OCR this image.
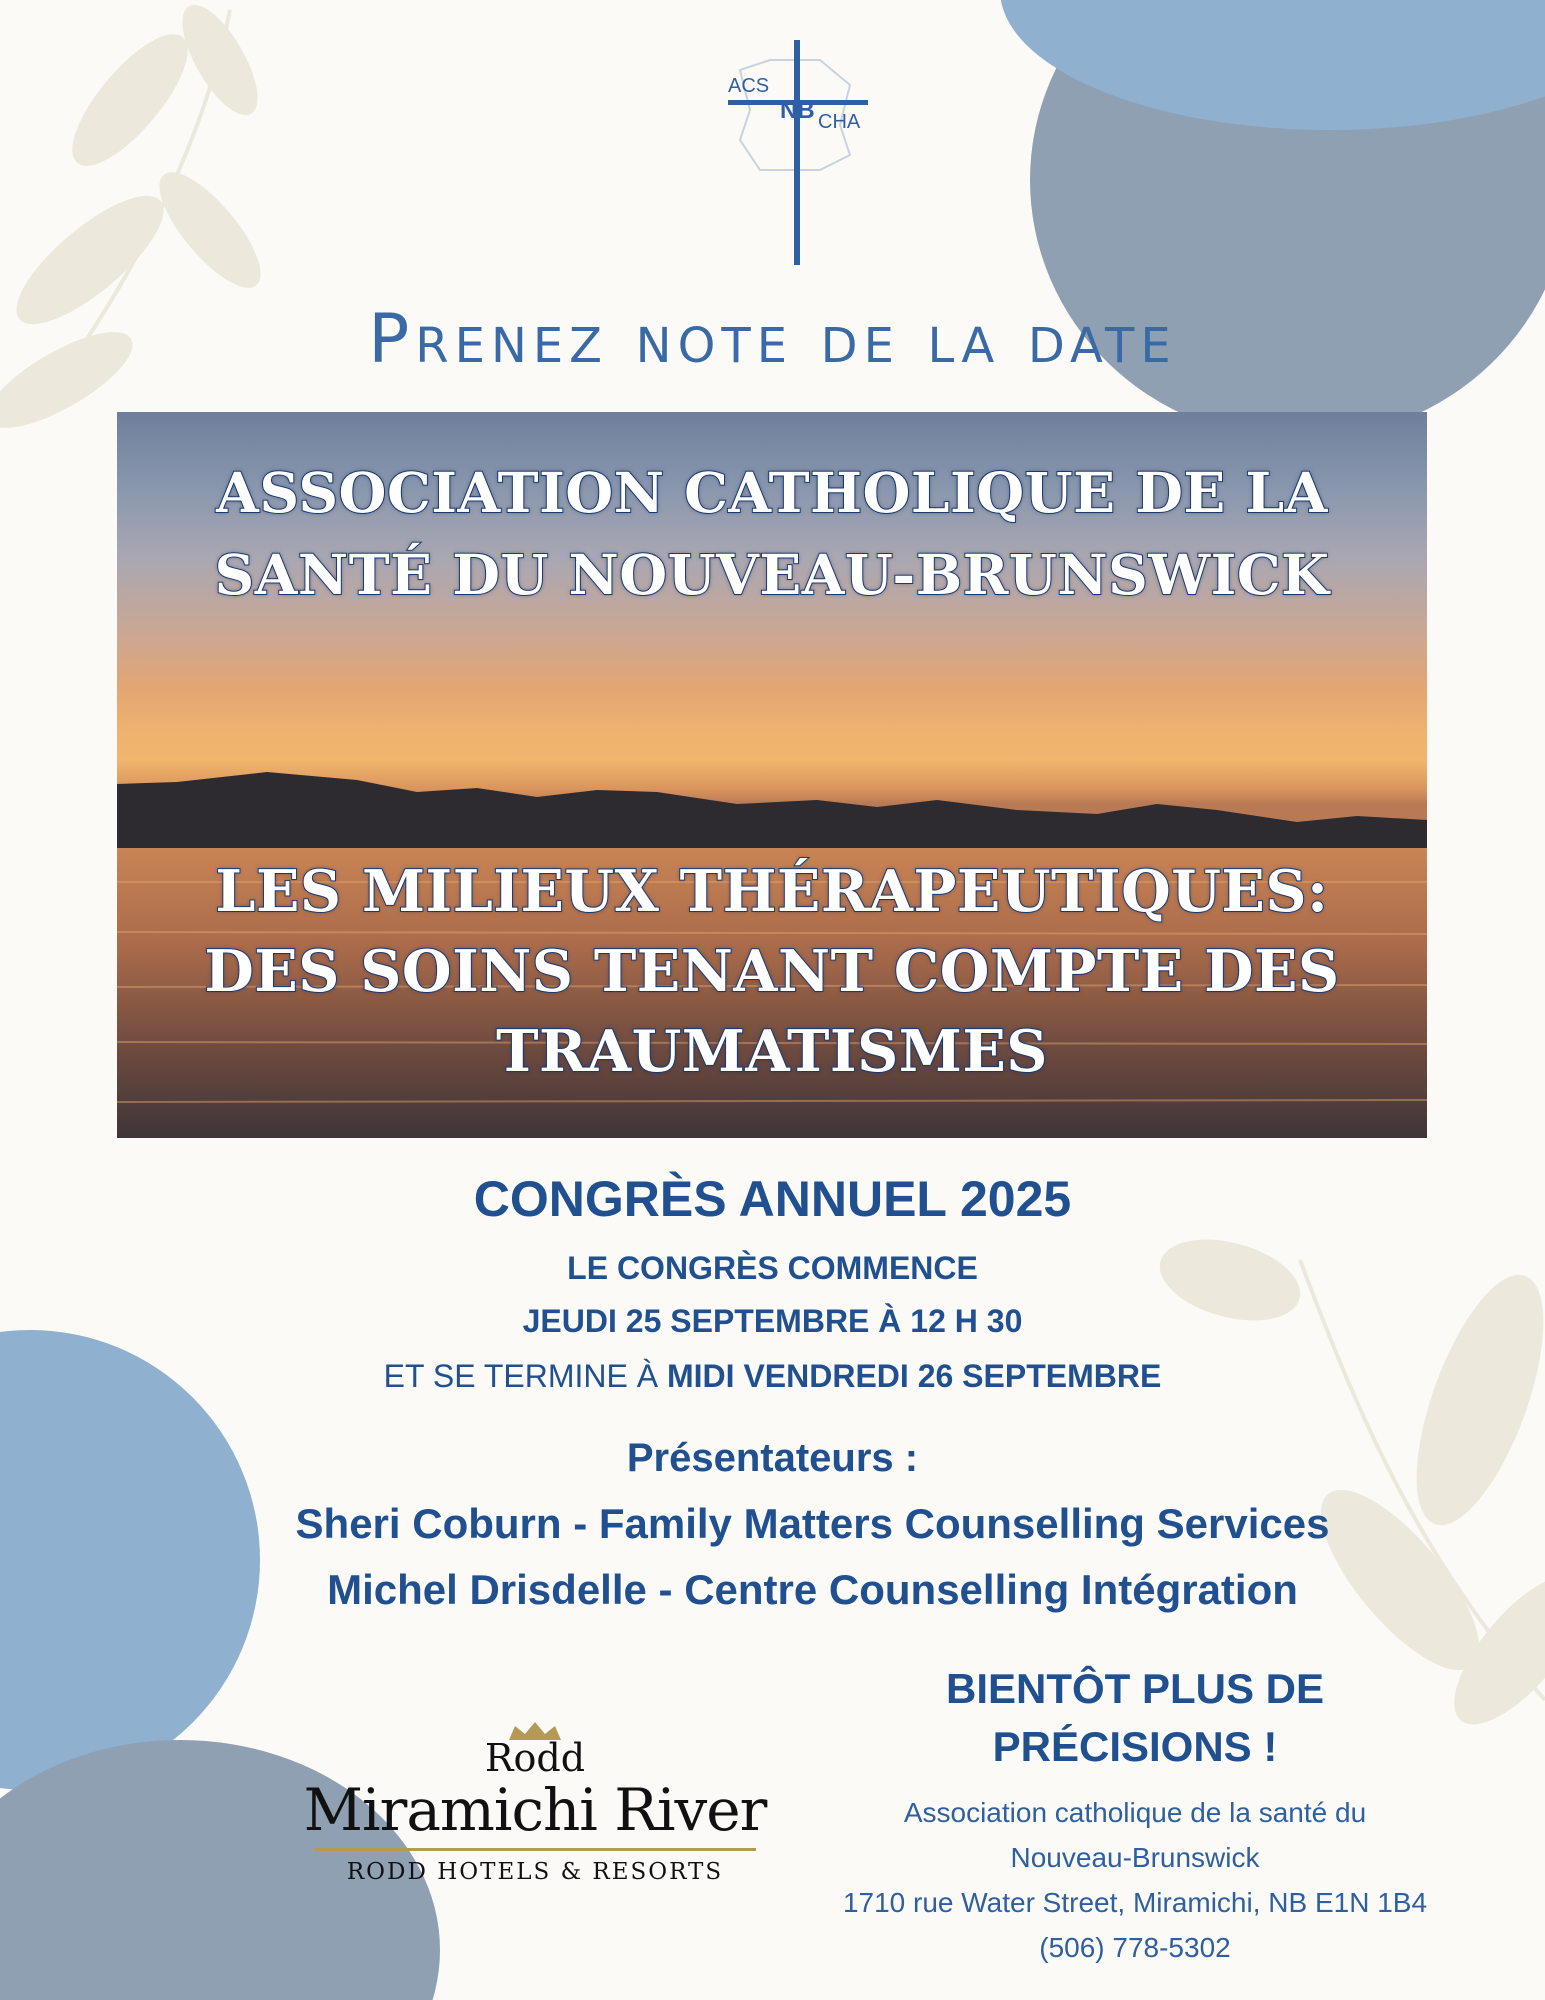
ACS
NB CHA
Prenez note de la date
ASSOCIATION CATHOLIQUE DE LA
SANTÉ DU NOUVEAU-BRUNSWICK
LES MILIEUX THÉRAPEUTIQUES:
DES SOINS TENANT COMPTE DES
TRAUMATISMES
CONGRÈS ANNUEL 2025
LE CONGRÈS COMMENCE
JEUDI 25 SEPTEMBRE À 12 H 30
ET SE TERMINE À MIDI VENDREDI 26 SEPTEMBRE
Présentateurs :
Sheri Coburn - Family Matters Counselling Services
Michel Drisdelle - Centre Counselling Intégration
Rodd
Miramichi River
RODD HOTELS & RESORTS
BIENTÔT PLUS DE
PRÉCISIONS !
Association catholique de la santé du
Nouveau-Brunswick
1710 rue Water Street, Miramichi, NB E1N 1B4
(506) 778-5302
